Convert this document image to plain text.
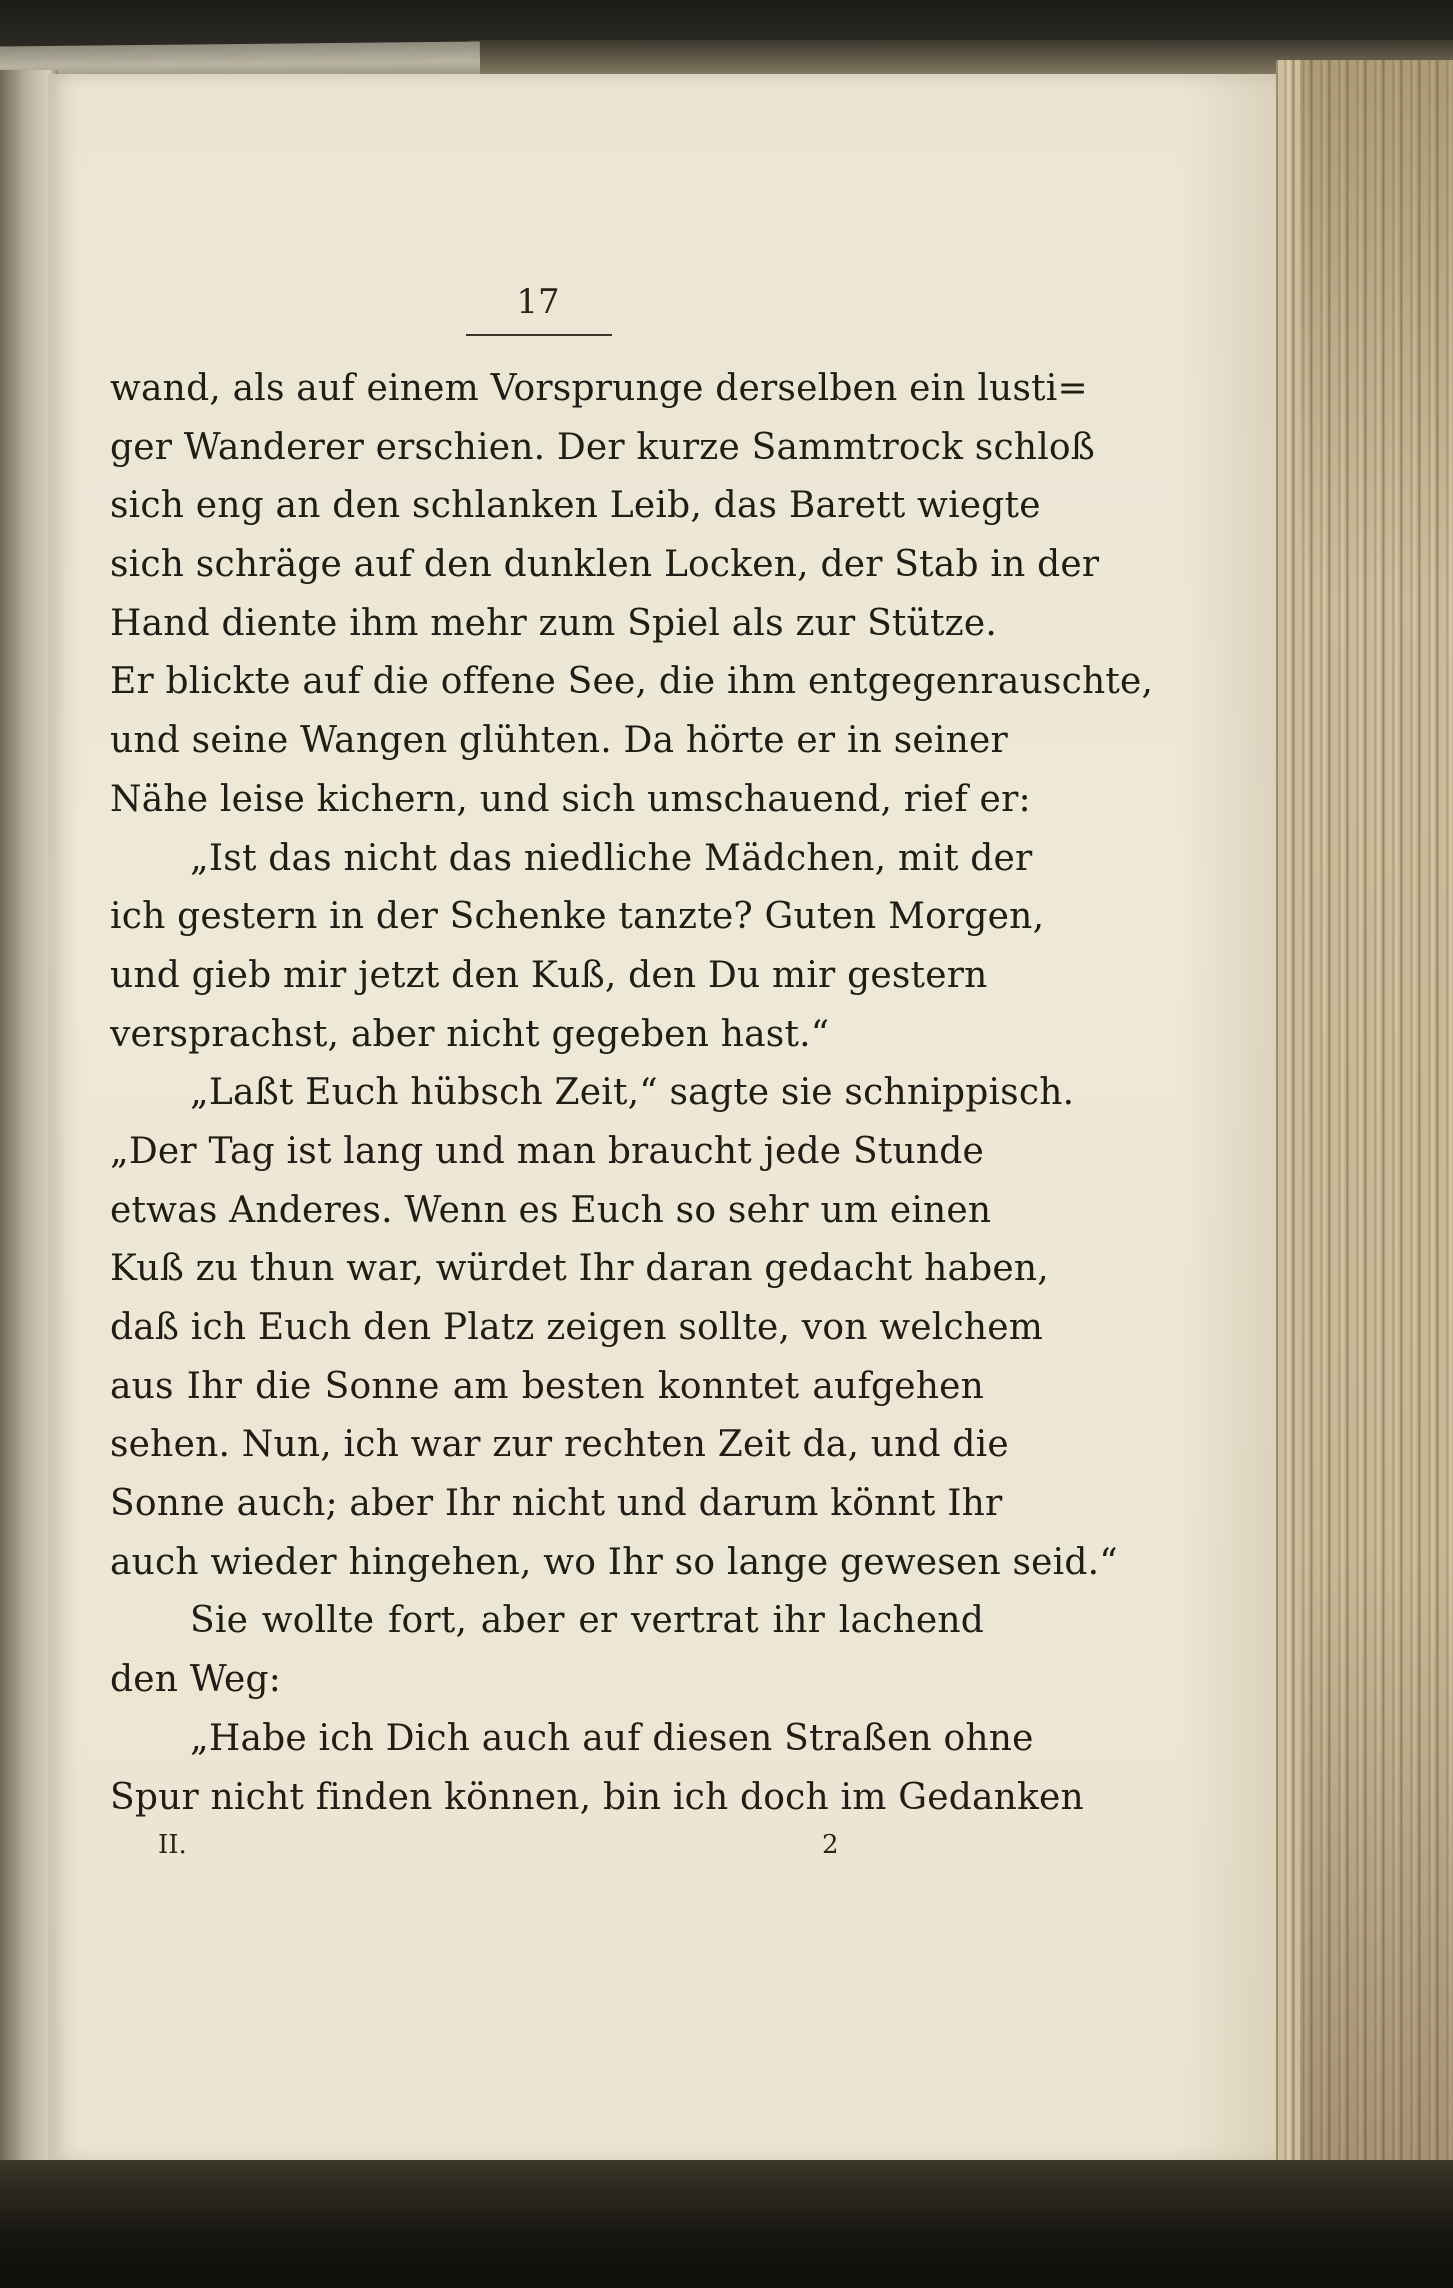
17
wand, als auf einem Vorsprunge derselben ein lusti=
ger Wanderer erschien. Der kurze Sammtrock schloß
sich eng an den schlanken Leib, das Barett wiegte
sich schräge auf den dunklen Locken, der Stab in der
Hand diente ihm mehr zum Spiel als zur Stütze.
Er blickte auf die offene See, die ihm entgegenrauschte,
und seine Wangen glühten. Da hörte er in seiner
Nähe leise kichern, und sich umschauend, rief er:
„Ist das nicht das niedliche Mädchen, mit der
ich gestern in der Schenke tanzte? Guten Morgen,
und gieb mir jetzt den Kuß, den Du mir gestern
versprachst, aber nicht gegeben hast.“
„Laßt Euch hübsch Zeit,“ sagte sie schnippisch.
„Der Tag ist lang und man braucht jede Stunde
etwas Anderes. Wenn es Euch so sehr um einen
Kuß zu thun war, würdet Ihr daran gedacht haben,
daß ich Euch den Platz zeigen sollte, von welchem
aus Ihr die Sonne am besten konntet aufgehen
sehen. Nun, ich war zur rechten Zeit da, und die
Sonne auch; aber Ihr nicht und darum könnt Ihr
auch wieder hingehen, wo Ihr so lange gewesen seid.“
Sie wollte fort, aber er vertrat ihr lachend
den Weg:
„Habe ich Dich auch auf diesen Straßen ohne
Spur nicht finden können, bin ich doch im Gedanken
II.	2
